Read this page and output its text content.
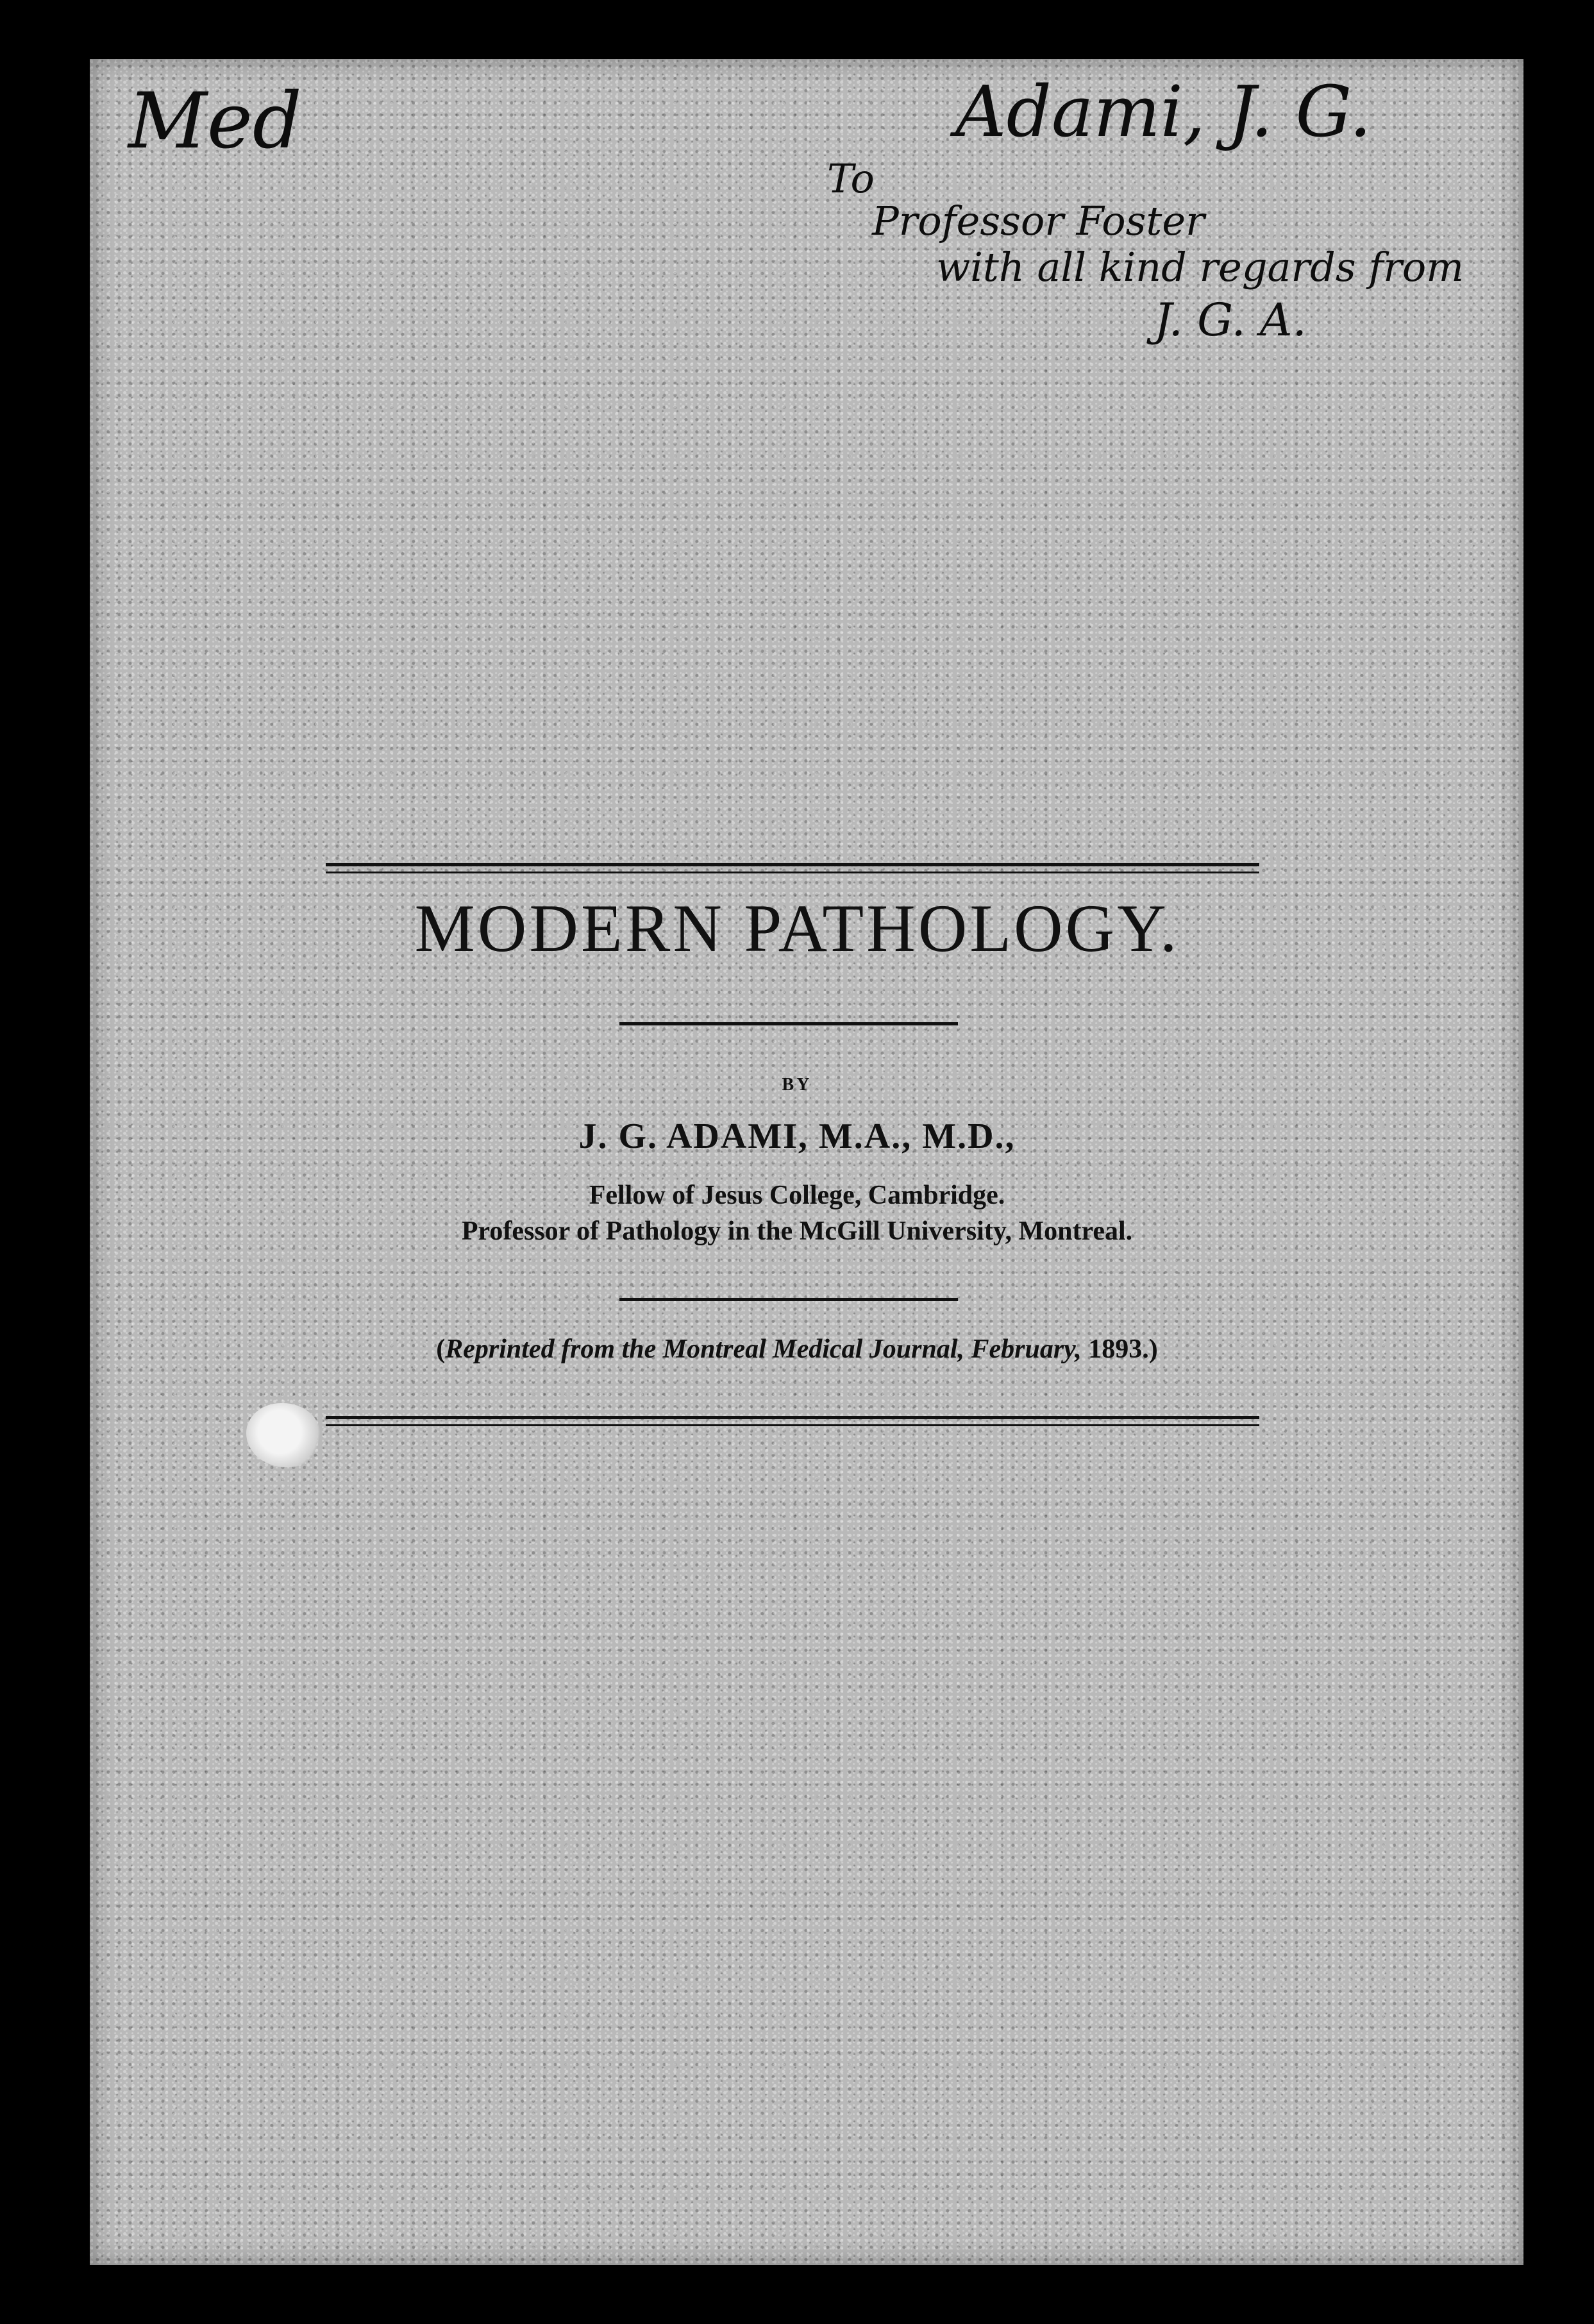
Med	Adami, J. G.
To
Professor Foster
with all kind regards from
J. G. A.
MODERN PATHOLOGY.
BY
J. G. ADAMI, M.A., M.D.,
Fellow of Jesus College, Cambridge.
Professor of Pathology in the McGill University, Montreal.
(Reprinted from the Montreal Medical Journal, February, 1893.)
